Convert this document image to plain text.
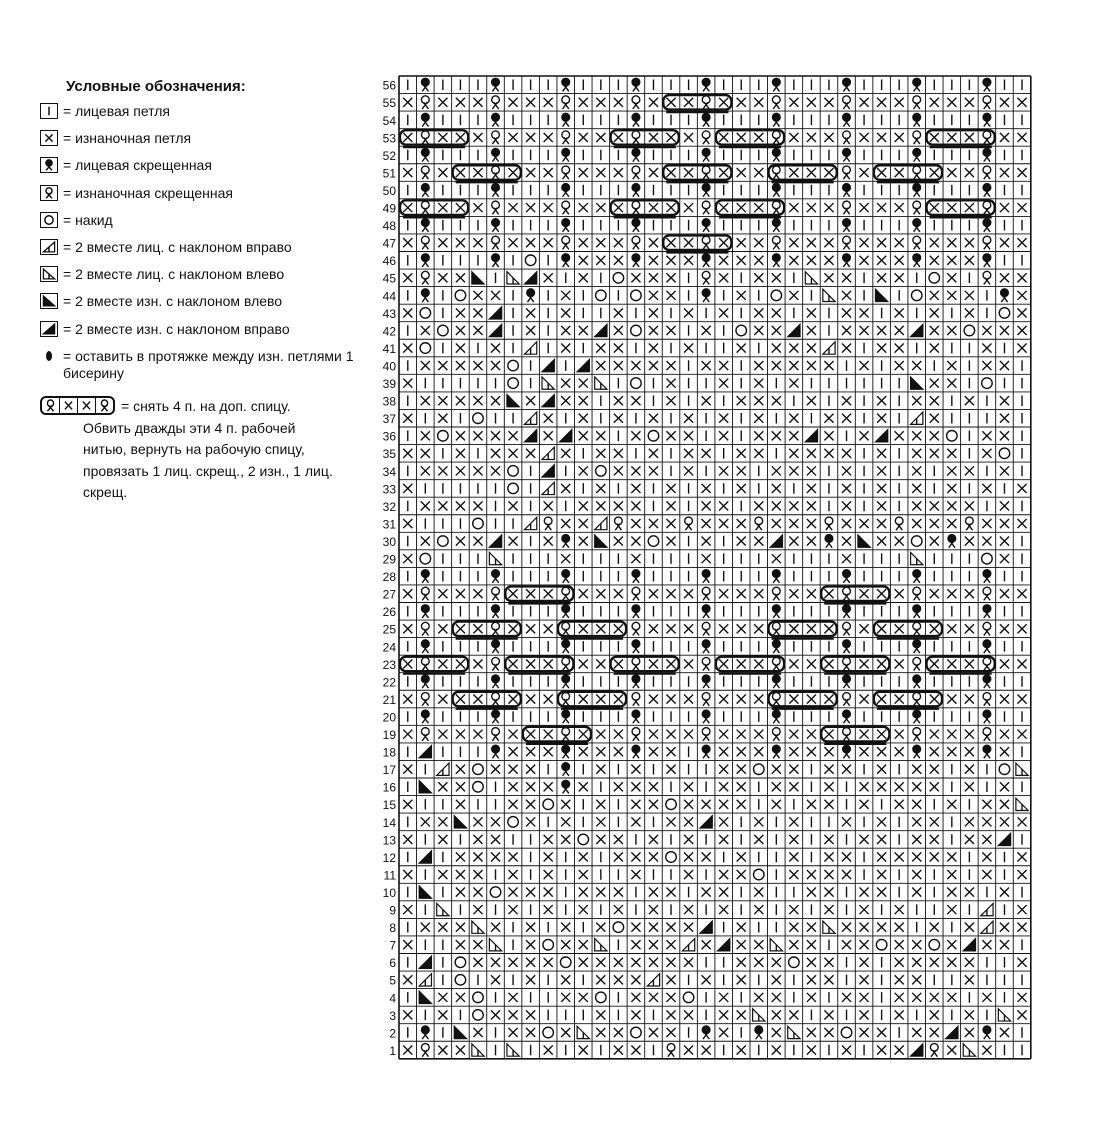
Условные обозначения:
= лицевая петля
= изнаночная петля
= лицевая скрещенная
= изнаночная скрещенная
= накид
= 2 вместе лиц. с наклоном вправо
= 2 вместе лиц. с наклоном влево
= 2 вместе изн. с наклоном влево
= 2 вместе изн. с наклоном вправо
= оставить в протяжке между изн. петлями 1 бисерину
= снять 4 п. на доп. спицу.
Обвить дважды эти 4 п. рабочей
нитью, вернуть на рабочую спицу,
провязать 1 лиц. скрещ., 2 изн., 1 лиц.
скрещ.
1
2
3
4
5
6
7
8
9
10
11
12
13
14
15
16
17
18
19
20
21
22
23
24
25
26
27
28
29
30
31
32
33
34
35
36
37
38
39
40
41
42
43
44
45
46
47
48
49
50
51
52
53
54
55
56
